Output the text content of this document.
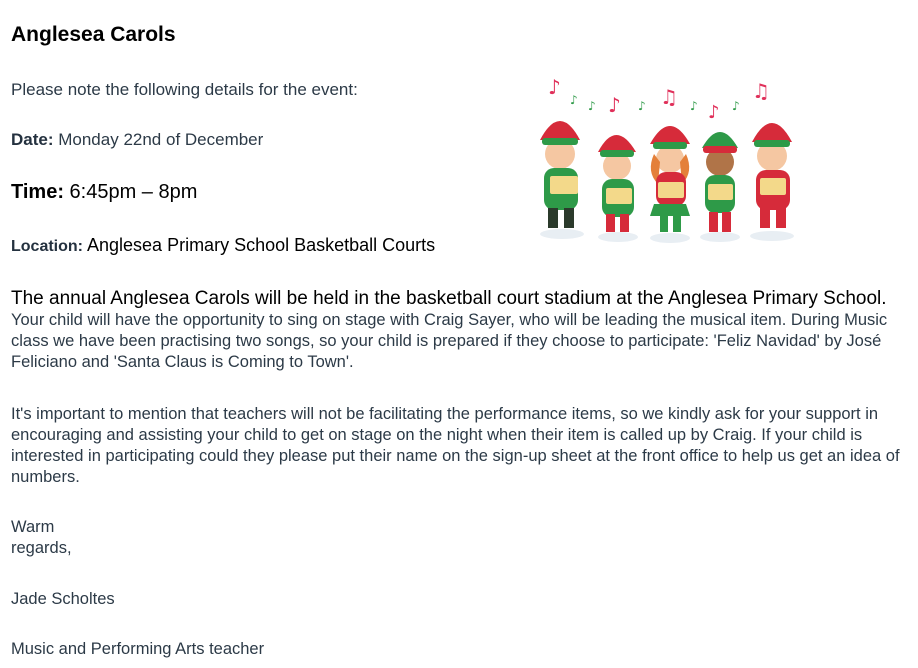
Anglesea Carols

Please note the following details for the event:

Date: Monday 22nd of December

Time: 6:45pm – 8pm

Location: Anglesea Primary School Basketball Courts

The annual Anglesea Carols will be held in the basketball court stadium at the Anglesea Primary School. Your child will have the opportunity to sing on stage with Craig Sayer, who will be leading the musical item. During Music class we have been practising two songs, so your child is prepared if they choose to participate: 'Feliz Navidad' by José Feliciano and 'Santa Claus is Coming to Town'.

It's important to mention that teachers will not be facilitating the performance items, so we kindly ask for your support in encouraging and assisting your child to get on stage on the night when their item is called up by Craig. If your child is interested in participating could they please put their name on the sign-up sheet at the front office to help us get an idea of numbers.

Warm regards,

Jade Scholtes

Music and Performing Arts teacher

♪
♪ ♫
♪
♫
♪ ♪	♪	♪	♪
